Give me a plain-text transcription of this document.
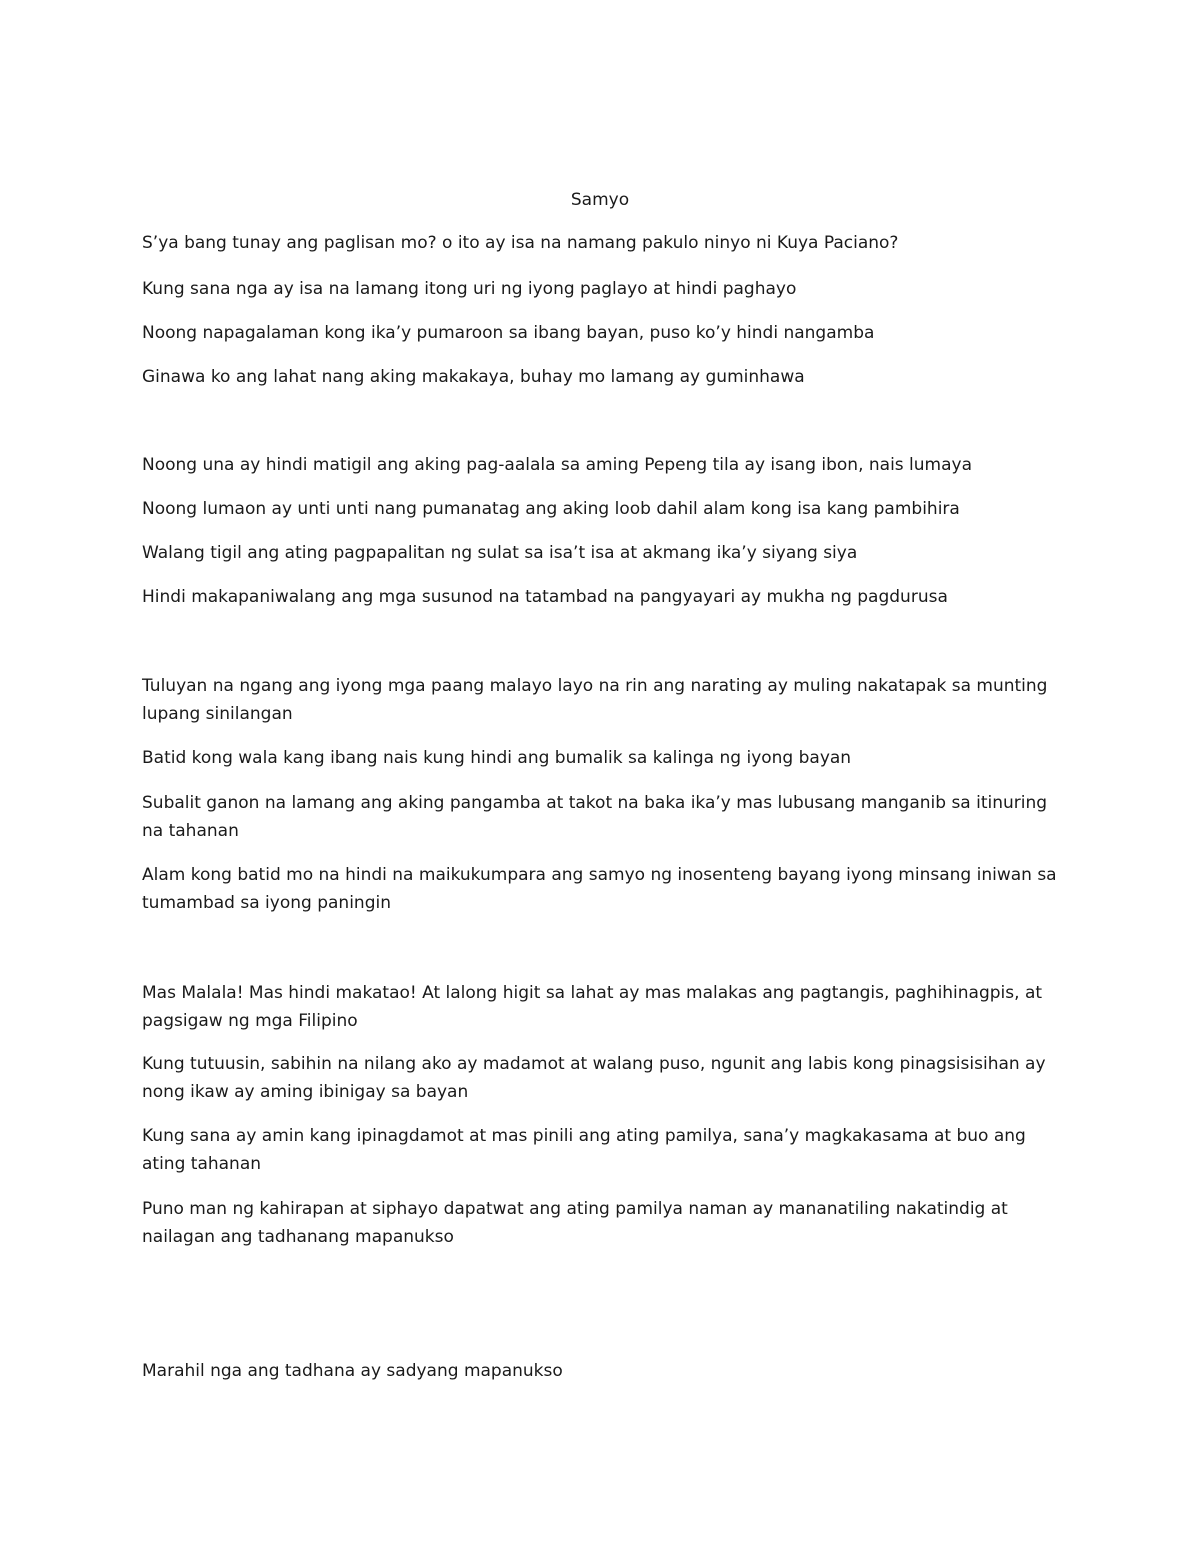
Samyo
S’ya bang tunay ang paglisan mo? o ito ay isa na namang pakulo ninyo ni Kuya Paciano?
Kung sana nga ay isa na lamang itong uri ng iyong paglayo at hindi paghayo
Noong napagalaman kong ika’y pumaroon sa ibang bayan, puso ko’y hindi nangamba
Ginawa ko ang lahat nang aking makakaya, buhay mo lamang ay guminhawa
Noong una ay hindi matigil ang aking pag-aalala sa aming Pepeng tila ay isang ibon, nais lumaya
Noong lumaon ay unti unti nang pumanatag ang aking loob dahil alam kong isa kang pambihira
Walang tigil ang ating pagpapalitan ng sulat sa isa’t isa at akmang ika’y siyang siya
Hindi makapaniwalang ang mga susunod na tatambad na pangyayari ay mukha ng pagdurusa
Tuluyan na ngang ang iyong mga paang malayo layo na rin ang narating ay muling nakatapak sa munting lupang sinilangan
Batid kong wala kang ibang nais kung hindi ang bumalik sa kalinga ng iyong bayan
Subalit ganon na lamang ang aking pangamba at takot na baka ika’y mas lubusang manganib sa itinuring na tahanan
Alam kong batid mo na hindi na maikukumpara ang samyo ng inosenteng bayang iyong minsang iniwan sa tumambad sa iyong paningin
Mas Malala! Mas hindi makatao! At lalong higit sa lahat ay mas malakas ang pagtangis, paghihinagpis, at pagsigaw ng mga Filipino
Kung tutuusin, sabihin na nilang ako ay madamot at walang puso, ngunit ang labis kong pinagsisisihan ay nong ikaw ay aming ibinigay sa bayan
Kung sana ay amin kang ipinagdamot at mas pinili ang ating pamilya, sana’y magkakasama at buo ang ating tahanan
Puno man ng kahirapan at siphayo dapatwat ang ating pamilya naman ay mananatiling nakatindig at nailagan ang tadhanang mapanukso
Marahil nga ang tadhana ay sadyang mapanukso
